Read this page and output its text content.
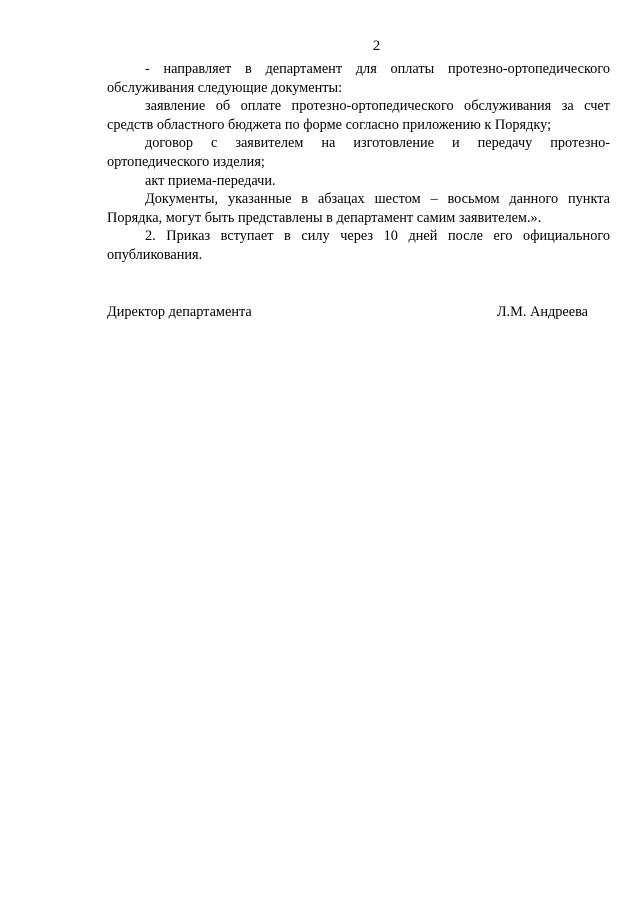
2

- направляет в департамент для оплаты протезно-ортопедического обслуживания следующие документы:

заявление об оплате протезно-ортопедического обслуживания за счет средств областного бюджета по форме согласно приложению к Порядку;

договор с заявителем на изготовление и передачу протезно-ортопедического изделия;

акт приема-передачи.

Документы, указанные в абзацах шестом – восьмом данного пункта Порядка, могут быть представлены в департамент самим заявителем.».

2. Приказ вступает в силу через 10 дней после его официального опубликования.

Директор департамента	Л.М. Андреева
